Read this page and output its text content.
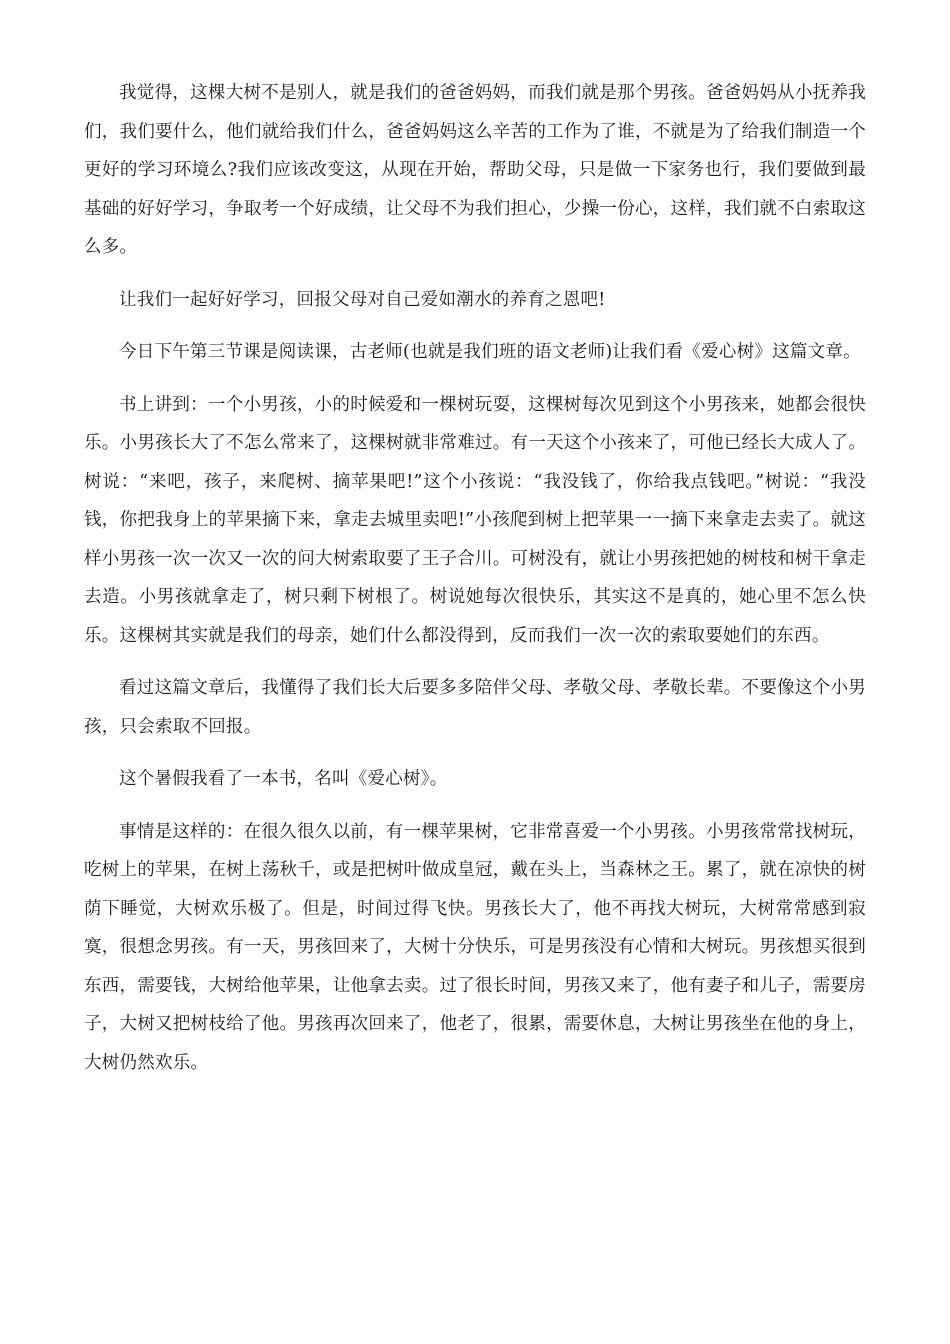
我觉得，这棵大树不是别人，就是我们的爸爸妈妈，而我们就是那个男孩。爸爸妈妈从小抚养我们，我们要什么，他们就给我们什么，爸爸妈妈这么辛苦的工作为了谁，不就是为了给我们制造一个更好的学习环境么?我们应该改变这，从现在开始，帮助父母，只是做一下家务也行，我们要做到最基础的好好学习，争取考一个好成绩，让父母不为我们担心，少操一份心，这样，我们就不白索取这么多。

让我们一起好好学习，回报父母对自己爱如潮水的养育之恩吧!

今日下午第三节课是阅读课，古老师(也就是我们班的语文老师)让我们看《爱心树》这篇文章。

书上讲到：一个小男孩，小的时候爱和一棵树玩耍，这棵树每次见到这个小男孩来，她都会很快乐。小男孩长大了不怎么常来了，这棵树就非常难过。有一天这个小孩来了，可他已经长大成人了。树说：“来吧，孩子，来爬树、摘苹果吧!”这个小孩说：“我没钱了，你给我点钱吧。”树说：“我没钱，你把我身上的苹果摘下来，拿走去城里卖吧!”小孩爬到树上把苹果一一摘下来拿走去卖了。就这样小男孩一次一次又一次的问大树索取要了王子合川。可树没有，就让小男孩把她的树枝和树干拿走去造。小男孩就拿走了，树只剩下树根了。树说她每次很快乐，其实这不是真的，她心里不怎么快乐。这棵树其实就是我们的母亲，她们什么都没得到，反而我们一次一次的索取要她们的东西。

看过这篇文章后，我懂得了我们长大后要多多陪伴父母、孝敬父母、孝敬长辈。不要像这个小男孩，只会索取不回报。

这个暑假我看了一本书，名叫《爱心树》。

事情是这样的：在很久很久以前，有一棵苹果树，它非常喜爱一个小男孩。小男孩常常找树玩，吃树上的苹果，在树上荡秋千，或是把树叶做成皇冠，戴在头上，当森林之王。累了，就在凉快的树荫下睡觉，大树欢乐极了。但是，时间过得飞快。男孩长大了，他不再找大树玩，大树常常感到寂寞，很想念男孩。有一天，男孩回来了，大树十分快乐，可是男孩没有心情和大树玩。男孩想买很到东西，需要钱，大树给他苹果，让他拿去卖。过了很长时间，男孩又来了，他有妻子和儿子，需要房子，大树又把树枝给了他。男孩再次回来了，他老了，很累，需要休息，大树让男孩坐在他的身上，大树仍然欢乐。
